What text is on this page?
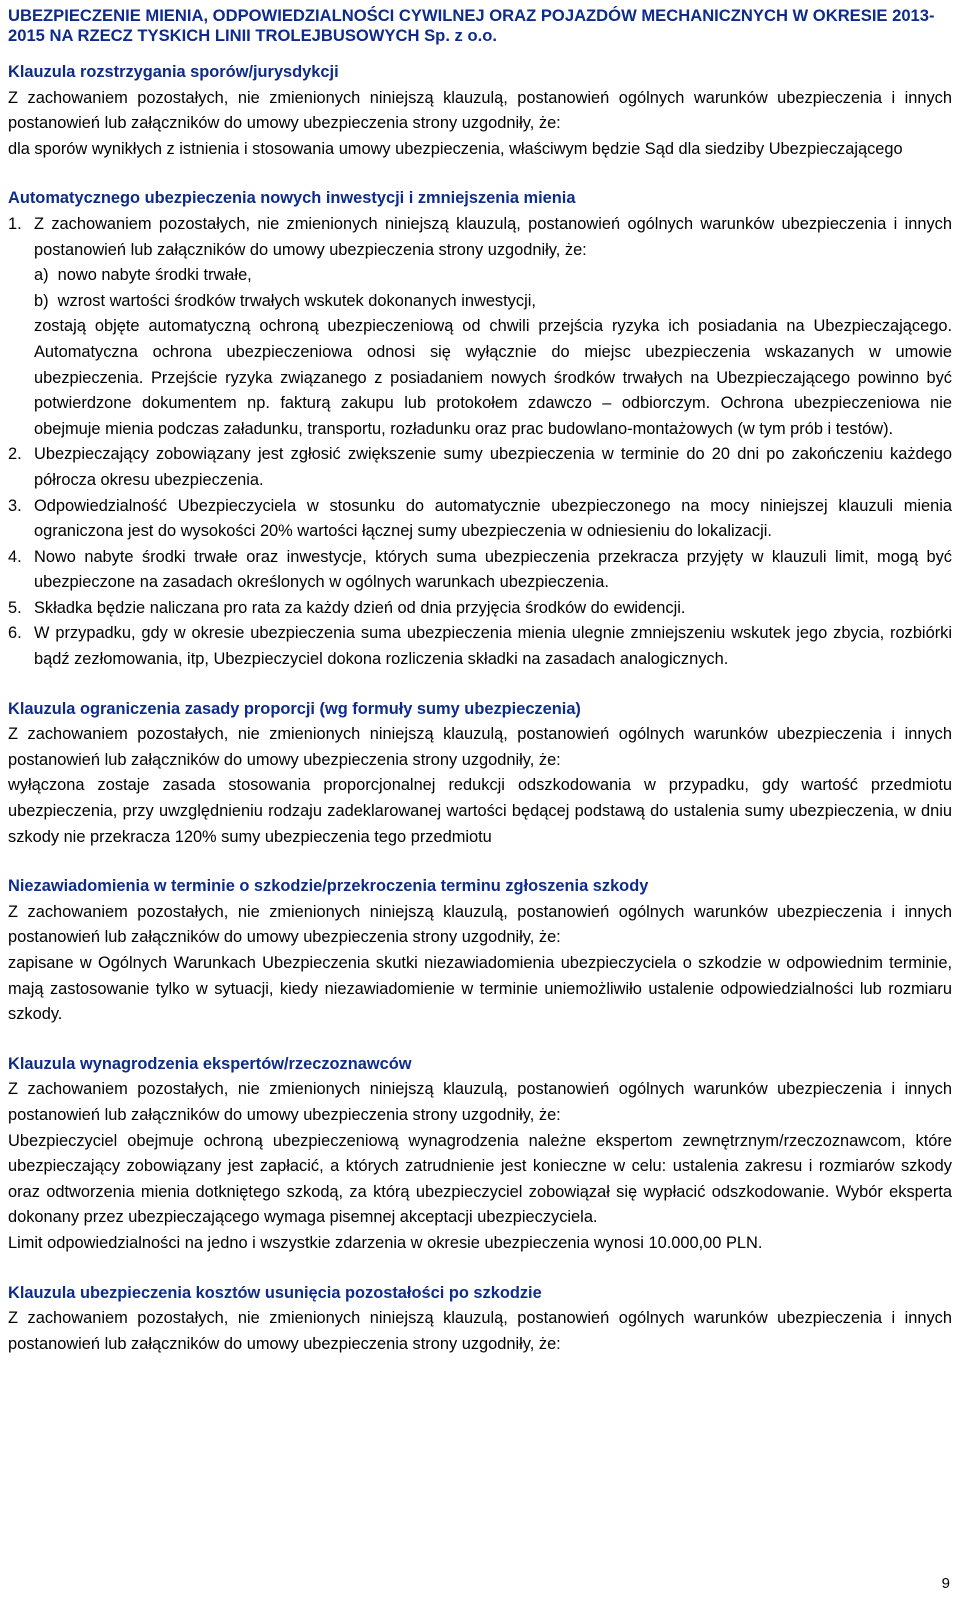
UBEZPIECZENIE MIENIA, ODPOWIEDZIALNOŚCI CYWILNEJ ORAZ POJAZDÓW MECHANICZNYCH W OKRESIE 2013-2015 NA RZECZ TYSKICH LINII TROLEJBUSOWYCH Sp. z o.o.
Klauzula rozstrzygania sporów/jurysdykcji

Z zachowaniem pozostałych, nie zmienionych niniejszą klauzulą, postanowień ogólnych warunków ubezpieczenia i innych postanowień lub załączników do umowy ubezpieczenia strony uzgodniły, że:

dla sporów wynikłych z istnienia i stosowania umowy ubezpieczenia, właściwym będzie Sąd dla siedziby Ubezpieczającego

Automatycznego ubezpieczenia nowych inwestycji i zmniejszenia mienia
1. Z zachowaniem pozostałych, nie zmienionych niniejszą klauzulą, postanowień ogólnych warunków ubezpieczenia i innych postanowień lub załączników do umowy ubezpieczenia strony uzgodniły, że:

a)  nowo nabyte środki trwałe,

b)  wzrost wartości środków trwałych wskutek dokonanych inwestycji,

zostają objęte automatyczną ochroną ubezpieczeniową od chwili przejścia ryzyka ich posiadania na Ubezpieczającego. Automatyczna ochrona ubezpieczeniowa odnosi się wyłącznie do miejsc ubezpieczenia wskazanych w umowie ubezpieczenia. Przejście ryzyka związanego z posiadaniem nowych środków trwałych na Ubezpieczającego powinno być potwierdzone dokumentem np. fakturą zakupu lub protokołem zdawczo – odbiorczym. Ochrona ubezpieczeniowa nie obejmuje mienia podczas załadunku, transportu, rozładunku oraz prac budowlano-montażowych (w tym prób i testów).

2. Ubezpieczający zobowiązany jest zgłosić zwiększenie sumy ubezpieczenia w terminie do 20 dni po zakończeniu każdego półrocza okresu ubezpieczenia.

3. Odpowiedzialność Ubezpieczyciela w stosunku do automatycznie ubezpieczonego na mocy niniejszej klauzuli mienia ograniczona jest do wysokości 20% wartości łącznej sumy ubezpieczenia w odniesieniu do lokalizacji.

4. Nowo nabyte środki trwałe oraz inwestycje, których suma ubezpieczenia przekracza przyjęty w klauzuli limit, mogą być ubezpieczone na zasadach określonych w ogólnych warunkach ubezpieczenia.

5. Składka będzie naliczana pro rata za każdy dzień od dnia przyjęcia środków do ewidencji.

6. W przypadku, gdy w okresie ubezpieczenia suma ubezpieczenia mienia ulegnie zmniejszeniu wskutek jego zbycia, rozbiórki bądź zezłomowania, itp, Ubezpieczyciel dokona rozliczenia składki na zasadach analogicznych.

Klauzula ograniczenia zasady proporcji (wg formuły sumy ubezpieczenia)

Z zachowaniem pozostałych, nie zmienionych niniejszą klauzulą, postanowień ogólnych warunków ubezpieczenia i innych postanowień lub załączników do umowy ubezpieczenia strony uzgodniły, że:

wyłączona zostaje zasada stosowania proporcjonalnej redukcji odszkodowania w przypadku, gdy wartość przedmiotu ubezpieczenia, przy uwzględnieniu rodzaju zadeklarowanej wartości będącej podstawą do ustalenia sumy ubezpieczenia, w dniu szkody nie przekracza 120% sumy ubezpieczenia tego przedmiotu

Niezawiadomienia w terminie o szkodzie/przekroczenia terminu zgłoszenia szkody

Z zachowaniem pozostałych, nie zmienionych niniejszą klauzulą, postanowień ogólnych warunków ubezpieczenia i innych postanowień lub załączników do umowy ubezpieczenia strony uzgodniły, że:

zapisane w Ogólnych Warunkach Ubezpieczenia skutki niezawiadomienia ubezpieczyciela o szkodzie w odpowiednim terminie, mają zastosowanie tylko w sytuacji, kiedy niezawiadomienie w terminie uniemożliwiło ustalenie odpowiedzialności lub rozmiaru szkody.

Klauzula wynagrodzenia ekspertów/rzeczoznawców

Z zachowaniem pozostałych, nie zmienionych niniejszą klauzulą, postanowień ogólnych warunków ubezpieczenia i innych postanowień lub załączników do umowy ubezpieczenia strony uzgodniły, że:

Ubezpieczyciel obejmuje ochroną ubezpieczeniową wynagrodzenia należne ekspertom zewnętrznym/rzeczoznawcom, które ubezpieczający zobowiązany jest zapłacić, a których zatrudnienie jest konieczne w celu: ustalenia zakresu i rozmiarów szkody oraz odtworzenia mienia dotkniętego szkodą, za którą ubezpieczyciel zobowiązał się wypłacić odszkodowanie. Wybór eksperta dokonany przez ubezpieczającego wymaga pisemnej akceptacji ubezpieczyciela.

Limit odpowiedzialności na jedno i wszystkie zdarzenia w okresie ubezpieczenia wynosi 10.000,00 PLN.

Klauzula ubezpieczenia kosztów usunięcia pozostałości po szkodzie

Z zachowaniem pozostałych, nie zmienionych niniejszą klauzulą, postanowień ogólnych warunków ubezpieczenia i innych postanowień lub załączników do umowy ubezpieczenia strony uzgodniły, że:

9
